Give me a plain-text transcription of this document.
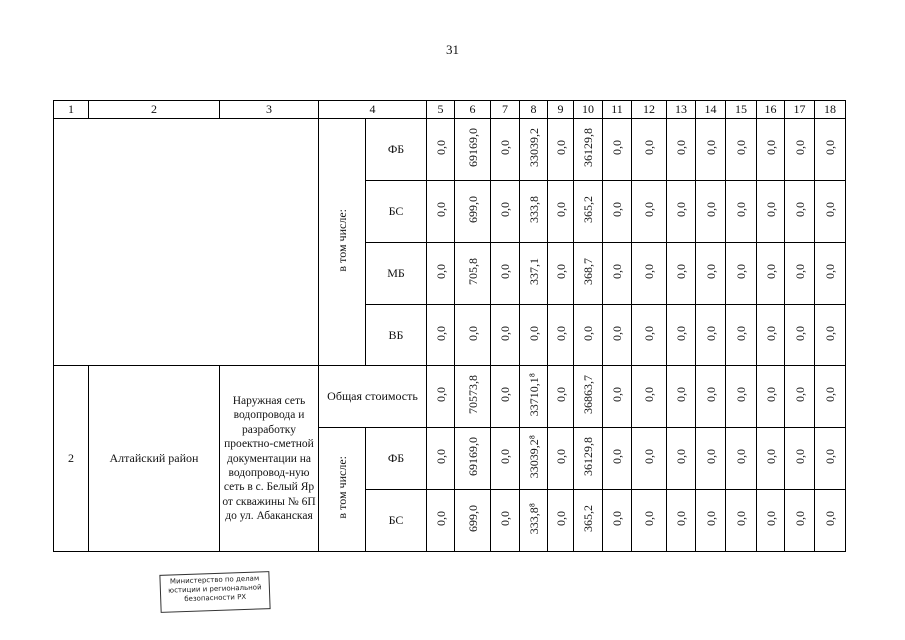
31
1	2	3	4		5	6	7	8	9	10	11	12	13	14	15	16	17	18
			в том числе:	ФБ	0,0	69169,0	0,0	33039,2	0,0	36129,8	0,0	0,0	0,0	0,0	0,0	0,0	0,0	0,0
				БС	0,0	699,0	0,0	333,8	0,0	365,2	0,0	0,0	0,0	0,0	0,0	0,0	0,0	0,0
				МБ	0,0	705,8	0,0	337,1	0,0	368,7	0,0	0,0	0,0	0,0	0,0	0,0	0,0	0,0
				ВБ	0,0	0,0	0,0	0,0	0,0	0,0	0,0	0,0	0,0	0,0	0,0	0,0	0,0	0,0
2	Алтайский район	Наружная сеть водопровода и разработку проектно-сметной документации на водопровод-ную сеть в с. Белый Яр от скважины № 6П до ул. Абаканская	Общая стоимость		0,0	70573,8	0,0	33710,1⁸	0,0	36863,7	0,0	0,0	0,0	0,0	0,0	0,0	0,0	0,0
			в том числе:	ФБ	0,0	69169,0	0,0	33039,2⁸	0,0	36129,8	0,0	0,0	0,0	0,0	0,0	0,0	0,0	0,0
				БС	0,0	699,0	0,0	333,8⁸	0,0	365,2	0,0	0,0	0,0	0,0	0,0	0,0	0,0	0,0
Министерство по делам
юстиции и региональной
безопасности РХ
